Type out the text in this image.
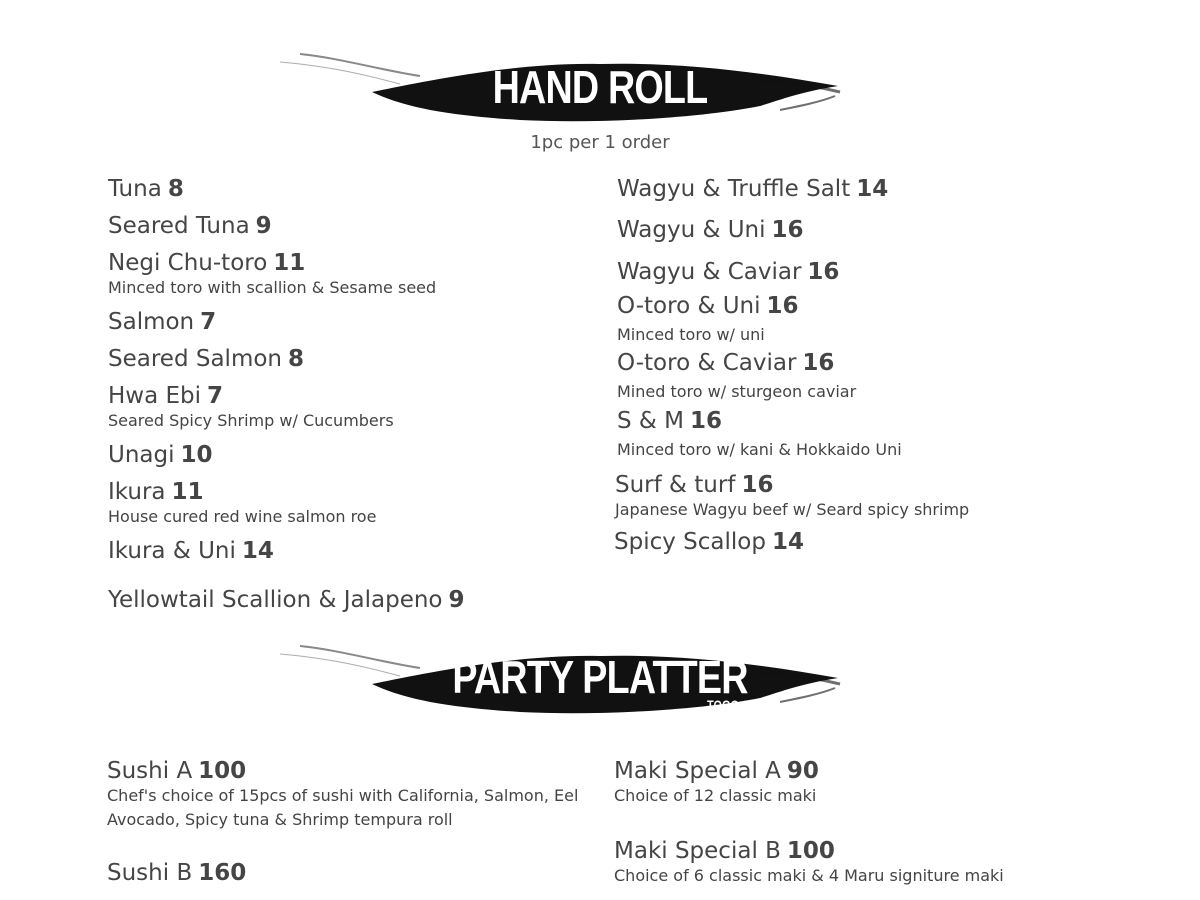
HAND ROLL
1pc per 1 order
Tuna 8
Seared Tuna 9
Negi Chu-toro 11
Minced toro with scallion & Sesame seed
Salmon 7
Seared Salmon 8
Hwa Ebi 7
Seared Spicy Shrimp w/ Cucumbers
Unagi 10
Ikura 11
House cured red wine salmon roe
Ikura & Uni 14
Yellowtail Scallion & Jalapeno 9
Wagyu & Truffle Salt 14
Wagyu & Uni 16
Wagyu & Caviar 16
O-toro & Uni 16
Minced toro w/ uni
O-toro & Caviar 16
Mined toro w/ sturgeon caviar
S & M 16
Minced toro w/ kani & Hokkaido Uni
Surf & turf 16
Japanese Wagyu beef w/ Seard spicy shrimp
Spicy Scallop 14
PARTY PLATTER
TOGO ONLY
Sushi A 100
Chef's choice of 15pcs of sushi with California, Salmon, Eel
Avocado, Spicy tuna & Shrimp tempura roll
Sushi B 160
Maki Special A 90
Choice of 12 classic maki
Maki Special B 100
Choice of 6 classic maki & 4 Maru signiture maki
